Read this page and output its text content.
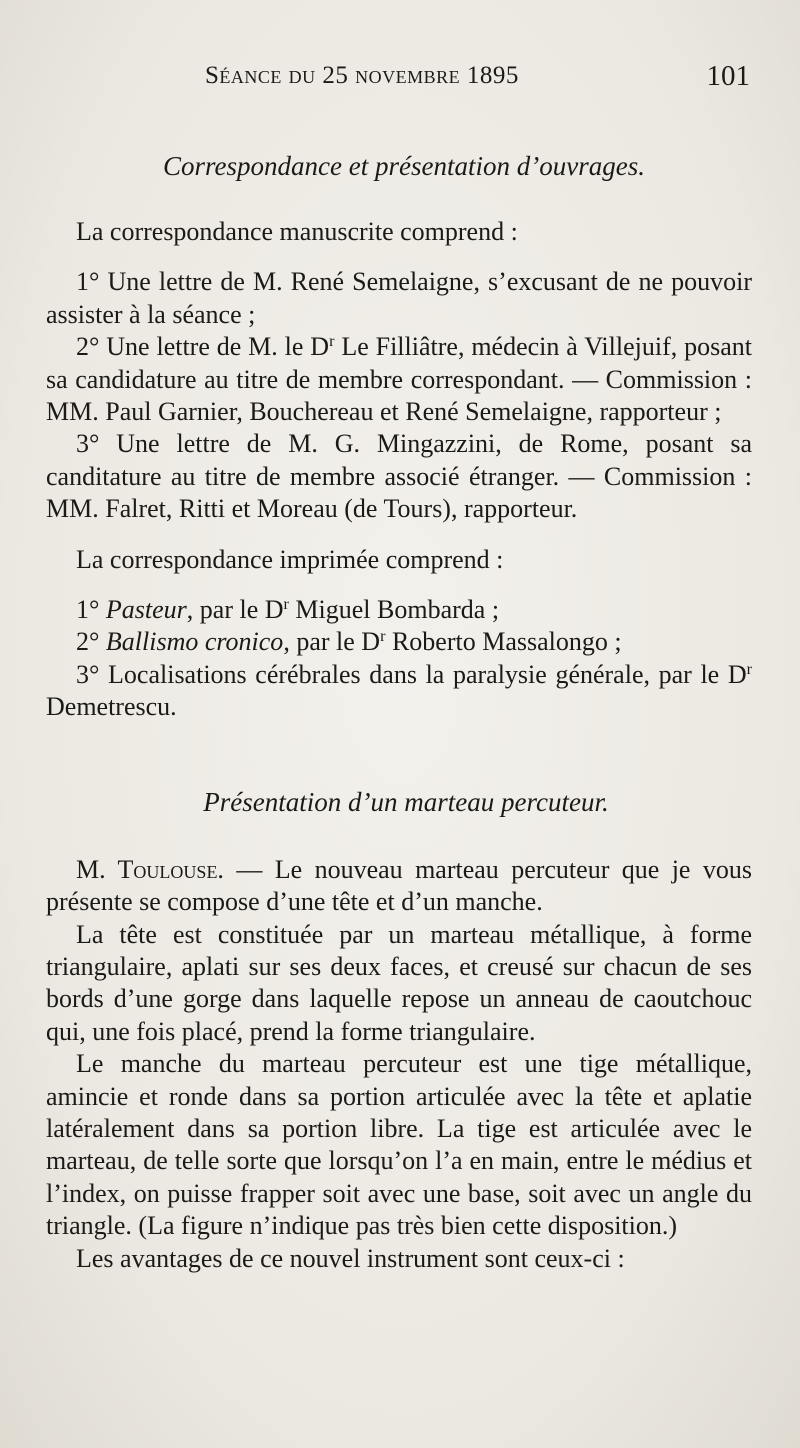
Séance du 25 novembre 1895	101
Correspondance et présentation d’ouvrages.

La correspondance manuscrite comprend :

1° Une lettre de M. René Semelaigne, s’excusant de ne pouvoir assister à la séance ;

2° Une lettre de M. le $D^r$ Le Filliâtre, médecin à Villejuif, posant sa candidature au titre de membre correspondant. — Commission : MM. Paul Garnier, Bouchereau et René Semelaigne, rapporteur ;

3° Une lettre de M. G. Mingazzini, de Rome, posant sa canditature au titre de membre associé étranger. — Commission : MM. Falret, Ritti et Moreau (de Tours), rapporteur.

La correspondance imprimée comprend :

1° Pasteur, par le $D^r$ Miguel Bombarda ;

2° Ballismo cronico, par le $D^r$ Roberto Massalongo ;

3° Localisations cérébrales dans la paralysie générale, par le $D^r$ Demetrescu.

Présentation d’un marteau percuteur.

M. Toulouse. — Le nouveau marteau percuteur que je vous présente se compose d’une tête et d’un manche.

La tête est constituée par un marteau métallique, à forme triangulaire, aplati sur ses deux faces, et creusé sur chacun de ses bords d’une gorge dans laquelle repose un anneau de caoutchouc qui, une fois placé, prend la forme triangulaire.

Le manche du marteau percuteur est une tige métallique, amincie et ronde dans sa portion articulée avec la tête et aplatie latéralement dans sa portion libre. La tige est articulée avec le marteau, de telle sorte que lorsqu’on l’a en main, entre le médius et l’index, on puisse frapper soit avec une base, soit avec un angle du triangle. (La figure n’indique pas très bien cette disposition.)

Les avantages de ce nouvel instrument sont ceux-ci :
